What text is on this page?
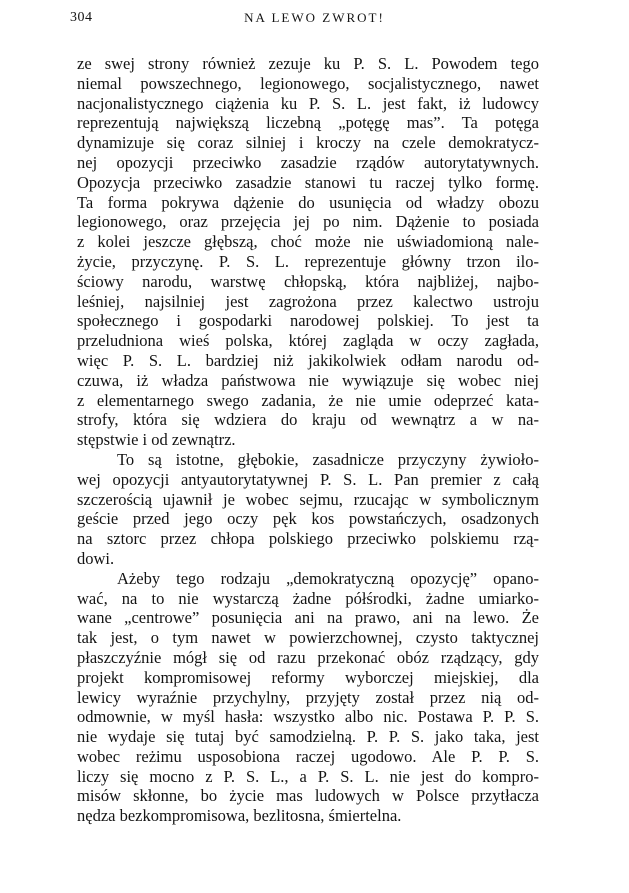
304	NA LEWO ZWROT!
ze swej strony również zezuje ku P. S. L. Powodem tego
niemal powszechnego, legionowego, socjalistycznego, nawet
nacjonalistycznego ciążenia ku P. S. L. jest fakt, iż ludowcy
reprezentują największą liczebną „potęgę mas”. Ta potęga
dynamizuje się coraz silniej i kroczy na czele demokratycz-
nej opozycji przeciwko zasadzie rządów autorytatywnych.
Opozycja przeciwko zasadzie stanowi tu raczej tylko formę.
Ta forma pokrywa dążenie do usunięcia od władzy obozu
legionowego, oraz przejęcia jej po nim. Dążenie to posiada
z kolei jeszcze głębszą, choć może nie uświadomioną nale-
życie, przyczynę. P. S. L. reprezentuje główny trzon ilo-
ściowy narodu, warstwę chłopską, która najbliżej, najbo-
leśniej, najsilniej jest zagrożona przez kalectwo ustroju
społecznego i gospodarki narodowej polskiej. To jest ta
przeludniona wieś polska, której zagląda w oczy zagłada,
więc P. S. L. bardziej niż jakikolwiek odłam narodu od-
czuwa, iż władza państwowa nie wywiązuje się wobec niej
z elementarnego swego zadania, że nie umie odeprzeć kata-
strofy, która się wdziera do kraju od wewnątrz a w na-
stępstwie i od zewnątrz.
To są istotne, głębokie, zasadnicze przyczyny żywioło-
wej opozycji antyautorytatywnej P. S. L. Pan premier z całą
szczerością ujawnił je wobec sejmu, rzucając w symbolicznym
geście przed jego oczy pęk kos powstańczych, osadzonych
na sztorc przez chłopa polskiego przeciwko polskiemu rzą-
dowi.
Ażeby tego rodzaju „demokratyczną opozycję” opano-
wać, na to nie wystarczą żadne półśrodki, żadne umiarko-
wane „centrowe” posunięcia ani na prawo, ani na lewo. Że
tak jest, o tym nawet w powierzchownej, czysto taktycznej
płaszczyźnie mógł się od razu przekonać obóz rządzący, gdy
projekt kompromisowej reformy wyborczej miejskiej, dla
lewicy wyraźnie przychylny, przyjęty został przez nią od-
odmownie, w myśl hasła: wszystko albo nic. Postawa P. P. S.
nie wydaje się tutaj być samodzielną. P. P. S. jako taka, jest
wobec reżimu usposobiona raczej ugodowo. Ale P. P. S.
liczy się mocno z P. S. L., a P. S. L. nie jest do kompro-
misów skłonne, bo życie mas ludowych w Polsce przytłacza
nędza bezkompromisowa, bezlitosna, śmiertelna.
